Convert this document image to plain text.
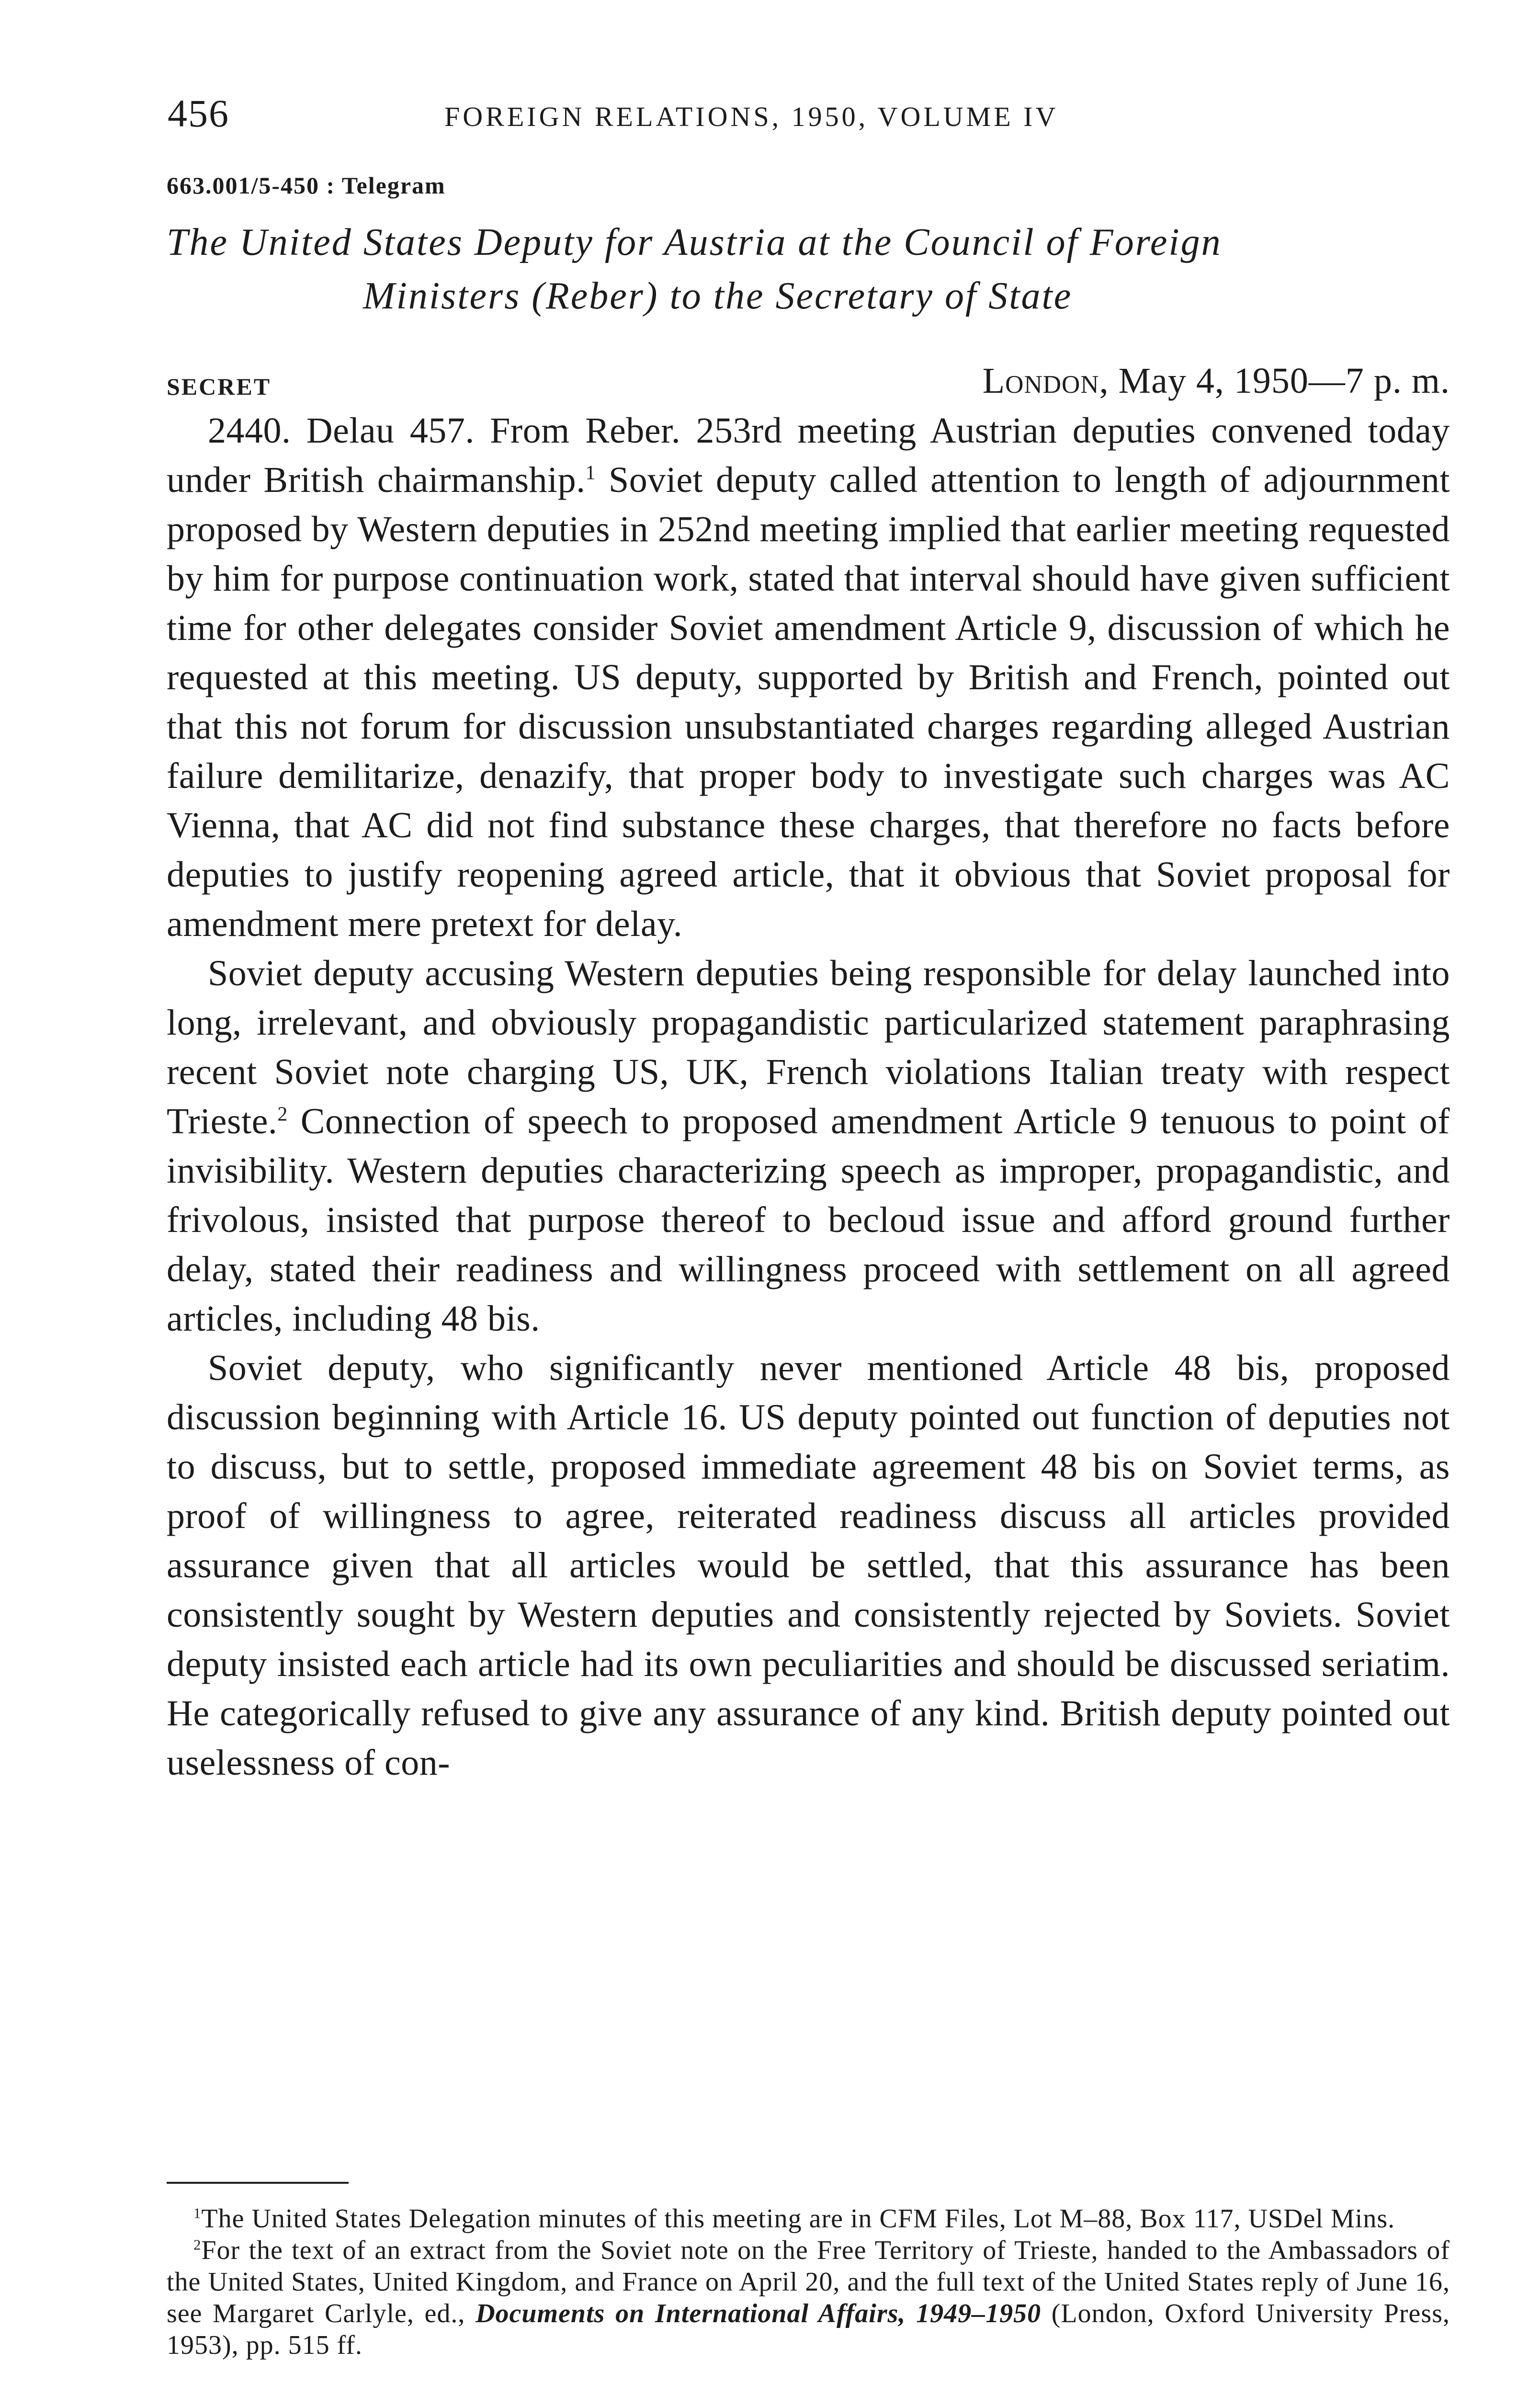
456	FOREIGN RELATIONS, 1950, VOLUME IV
663.001/5-450 : Telegram
The United States Deputy for Austria at the Council of Foreign
Ministers (Reber) to the Secretary of State
SECRET	London, May 4, 1950—7 p. m.

2440. Delau 457. From Reber. 253rd meeting Austrian deputies convened today under British chairmanship.$^1$ Soviet deputy called attention to length of adjournment proposed by Western deputies in 252nd meeting implied that earlier meeting requested by him for purpose continuation work, stated that interval should have given sufficient time for other delegates consider Soviet amendment Article 9, discussion of which he requested at this meeting. US deputy, supported by British and French, pointed out that this not forum for discussion unsubstantiated charges regarding alleged Austrian failure demilitarize, denazify, that proper body to investigate such charges was AC Vienna, that AC did not find substance these charges, that therefore no facts before deputies to justify reopening agreed article, that it obvious that Soviet proposal for amendment mere pretext for delay.

Soviet deputy accusing Western deputies being responsible for delay launched into long, irrelevant, and obviously propagandistic particularized statement paraphrasing recent Soviet note charging US, UK, French violations Italian treaty with respect Trieste.$^2$ Connection of speech to proposed amendment Article 9 tenuous to point of invisibility. Western deputies characterizing speech as improper, propagandistic, and frivolous, insisted that purpose thereof to becloud issue and afford ground further delay, stated their readiness and willingness proceed with settlement on all agreed articles, including 48 bis.

Soviet deputy, who significantly never mentioned Article 48 bis, proposed discussion beginning with Article 16. US deputy pointed out function of deputies not to discuss, but to settle, proposed immediate agreement 48 bis on Soviet terms, as proof of willingness to agree, reiterated readiness discuss all articles provided assurance given that all articles would be settled, that this assurance has been consistently sought by Western deputies and consistently rejected by Soviets. Soviet deputy insisted each article had its own peculiarities and should be discussed seriatim. He categorically refused to give any assurance of any kind. British deputy pointed out uselessness of con-

$^1$The United States Delegation minutes of this meeting are in CFM Files, Lot M–88, Box 117, USDel Mins.

$^2$For the text of an extract from the Soviet note on the Free Territory of Trieste, handed to the Ambassadors of the United States, United Kingdom, and France on April 20, and the full text of the United States reply of June 16, see Margaret Carlyle, ed., Documents on International Affairs, 1949–1950 (London, Oxford University Press, 1953), pp. 515 ff.
